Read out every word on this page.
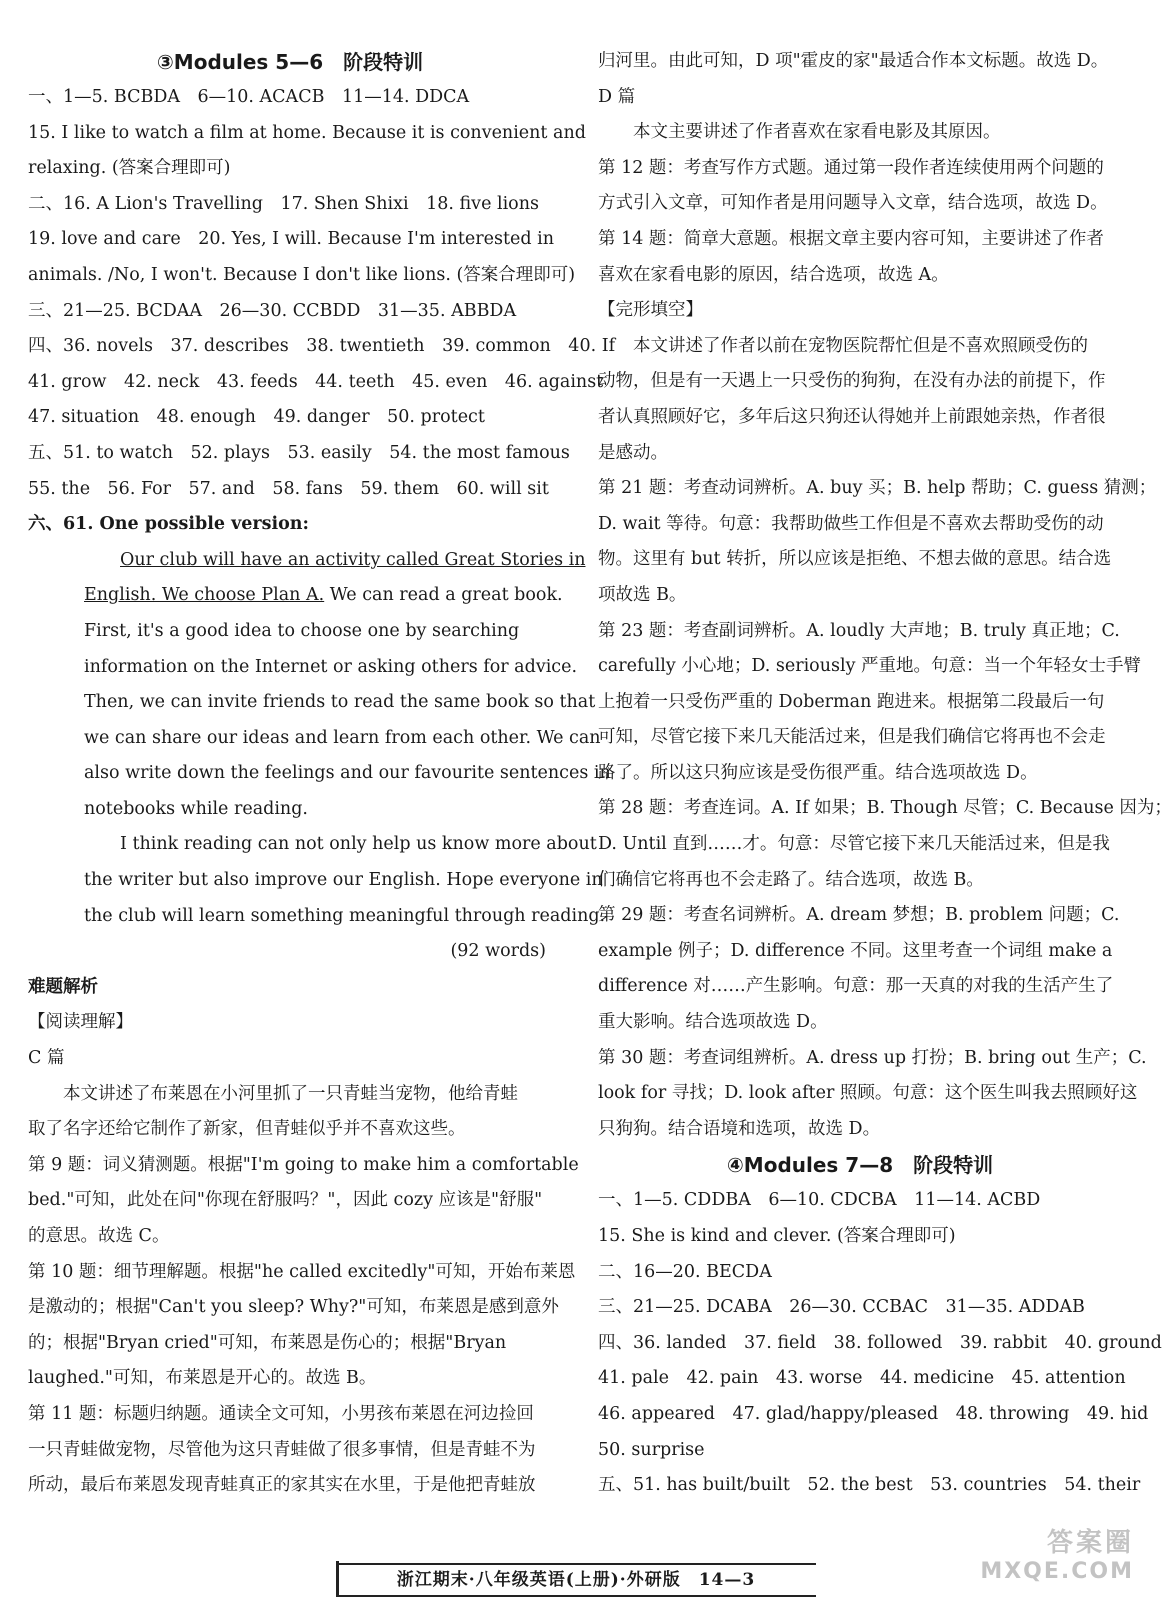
③Modules 5—6　阶段特训
一、1—5. BCBDA　6—10. ACACB　11—14. DDCA
15. I like to watch a film at home. Because it is convenient and
relaxing. (答案合理即可)
二、16. A Lion's Travelling　17. Shen Shixi　18. five lions
19. love and care　20. Yes, I will. Because I'm interested in
animals. /No, I won't. Because I don't like lions. (答案合理即可)
三、21—25. BCDAA　26—30. CCBDD　31—35. ABBDA
四、36. novels　37. describes　38. twentieth　39. common　40. If
41. grow　42. neck　43. feeds　44. teeth　45. even　46. against
47. situation　48. enough　49. danger　50. protect
五、51. to watch　52. plays　53. easily　54. the most famous
55. the　56. For　57. and　58. fans　59. them　60. will sit
六、61. One possible version:
Our club will have an activity called Great Stories in
English. We choose Plan A. We can read a great book.
First, it's a good idea to choose one by searching
information on the Internet or asking others for advice.
Then, we can invite friends to read the same book so that
we can share our ideas and learn from each other. We can
also write down the feelings and our favourite sentences in
notebooks while reading.
I think reading can not only help us know more about
the writer but also improve our English. Hope everyone in
the club will learn something meaningful through reading.
(92 words)
难题解析
【阅读理解】
C 篇
本文讲述了布莱恩在小河里抓了一只青蛙当宠物，他给青蛙
取了名字还给它制作了新家，但青蛙似乎并不喜欢这些。
第 9 题：词义猜测题。根据"I'm going to make him a comfortable
bed."可知，此处在问"你现在舒服吗？"，因此 cozy 应该是"舒服"
的意思。故选 C。
第 10 题：细节理解题。根据"he called excitedly"可知，开始布莱恩
是激动的；根据"Can't you sleep? Why?"可知，布莱恩是感到意外
的；根据"Bryan cried"可知，布莱恩是伤心的；根据"Bryan
laughed."可知，布莱恩是开心的。故选 B。
第 11 题：标题归纳题。通读全文可知，小男孩布莱恩在河边捡回
一只青蛙做宠物，尽管他为这只青蛙做了很多事情，但是青蛙不为
所动，最后布莱恩发现青蛙真正的家其实在水里，于是他把青蛙放
归河里。由此可知，D 项"霍皮的家"最适合作本文标题。故选 D。
D 篇
本文主要讲述了作者喜欢在家看电影及其原因。
第 12 题：考查写作方式题。通过第一段作者连续使用两个问题的
方式引入文章，可知作者是用问题导入文章，结合选项，故选 D。
第 14 题：简章大意题。根据文章主要内容可知，主要讲述了作者
喜欢在家看电影的原因，结合选项，故选 A。
【完形填空】
本文讲述了作者以前在宠物医院帮忙但是不喜欢照顾受伤的
动物，但是有一天遇上一只受伤的狗狗，在没有办法的前提下，作
者认真照顾好它，多年后这只狗还认得她并上前跟她亲热，作者很
是感动。
第 21 题：考查动词辨析。A. buy 买；B. help 帮助；C. guess 猜测；
D. wait 等待。句意：我帮助做些工作但是不喜欢去帮助受伤的动
物。这里有 but 转折，所以应该是拒绝、不想去做的意思。结合选
项故选 B。
第 23 题：考查副词辨析。A. loudly 大声地；B. truly 真正地；C.
carefully 小心地；D. seriously 严重地。句意：当一个年轻女士手臂
上抱着一只受伤严重的 Doberman 跑进来。根据第二段最后一句
可知，尽管它接下来几天能活过来，但是我们确信它将再也不会走
路了。所以这只狗应该是受伤很严重。结合选项故选 D。
第 28 题：考查连词。A. If 如果；B. Though 尽管；C. Because 因为；
D. Until 直到……才。句意：尽管它接下来几天能活过来，但是我
们确信它将再也不会走路了。结合选项，故选 B。
第 29 题：考查名词辨析。A. dream 梦想；B. problem 问题；C.
example 例子；D. difference 不同。这里考查一个词组 make a
difference 对……产生影响。句意：那一天真的对我的生活产生了
重大影响。结合选项故选 D。
第 30 题：考查词组辨析。A. dress up 打扮；B. bring out 生产；C.
look for 寻找；D. look after 照顾。句意：这个医生叫我去照顾好这
只狗狗。结合语境和选项，故选 D。
④Modules 7—8　阶段特训
一、1—5. CDDBA　6—10. CDCBA　11—14. ACBD
15. She is kind and clever. (答案合理即可)
二、16—20. BECDA
三、21—25. DCABA　26—30. CCBAC　31—35. ADDAB
四、36. landed　37. field　38. followed　39. rabbit　40. ground
41. pale　42. pain　43. worse　44. medicine　45. attention
46. appeared　47. glad/happy/pleased　48. throwing　49. hid
50. surprise
五、51. has built/built　52. the best　53. countries　54. their
浙江期末·八年级英语(上册)·外研版　14—3
答案圈
MXQE.COM
